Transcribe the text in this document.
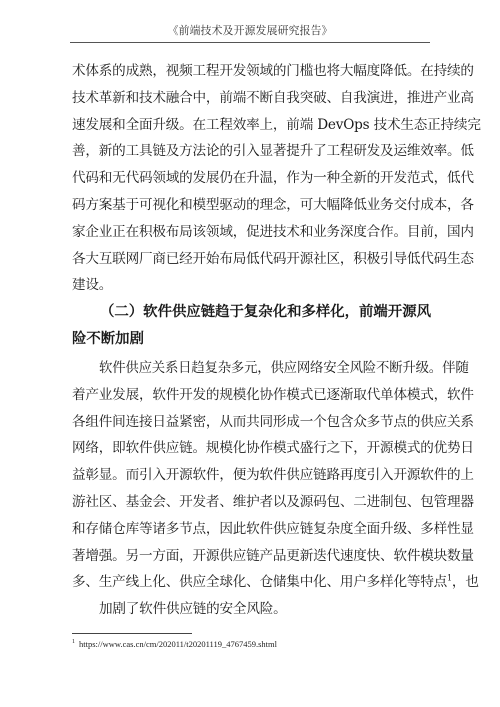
《前端技术及开源发展研究报告》
术体系的成熟，视频工程开发领域的门槛也将大幅度降低。在持续的
技术革新和技术融合中，前端不断自我突破、自我演进，推进产业高
速发展和全面升级。在工程效率上，前端 DevOps 技术生态正持续完
善，新的工具链及方法论的引入显著提升了工程研发及运维效率。低
代码和无代码领域的发展仍在升温，作为一种全新的开发范式，低代
码方案基于可视化和模型驱动的理念，可大幅降低业务交付成本，各
家企业正在积极布局该领域，促进技术和业务深度合作。目前，国内
各大互联网厂商已经开始布局低代码开源社区，积极引导低代码生态
建设。
（二）软件供应链趋于复杂化和多样化，前端开源风
险不断加剧
软件供应关系日趋复杂多元，供应网络安全风险不断升级。伴随
着产业发展，软件开发的规模化协作模式已逐渐取代单体模式，软件
各组件间连接日益紧密，从而共同形成一个包含众多节点的供应关系
网络，即软件供应链。规模化协作模式盛行之下，开源模式的优势日
益彰显。而引入开源软件，便为软件供应链路再度引入开源软件的上
游社区、基金会、开发者、维护者以及源码包、二进制包、包管理器
和存储仓库等诸多节点，因此软件供应链复杂度全面升级、多样性显
著增强。另一方面，开源供应链产品更新迭代速度快、软件模块数量
多、生产线上化、供应全球化、仓储集中化、用户多样化等特点$^1$，也
加剧了软件供应链的安全风险。
$^1$ https://www.cas.cn/cm/202011/t20201119_4767459.shtml
